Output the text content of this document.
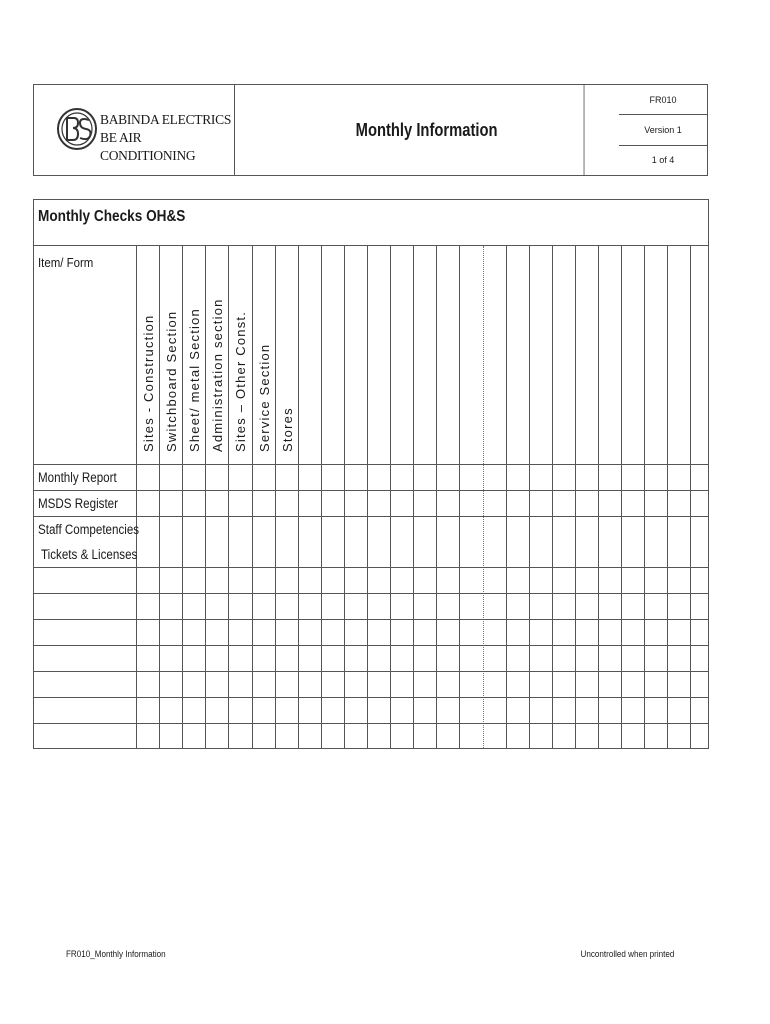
BABINDA ELECTRICS
BE AIR CONDITIONING
Monthly Information
FR010
Version 1
1 of 4
Monthly Checks OH&S
Item/ Form
Monthly Report
MSDS Register
Staff Competencies
Tickets & Licenses
Sites - Construction Switchboard Section Sheet/ metal Section Administration section Sites – Other Const. Service Section Stores
FR010_Monthly Information	Uncontrolled when printed
